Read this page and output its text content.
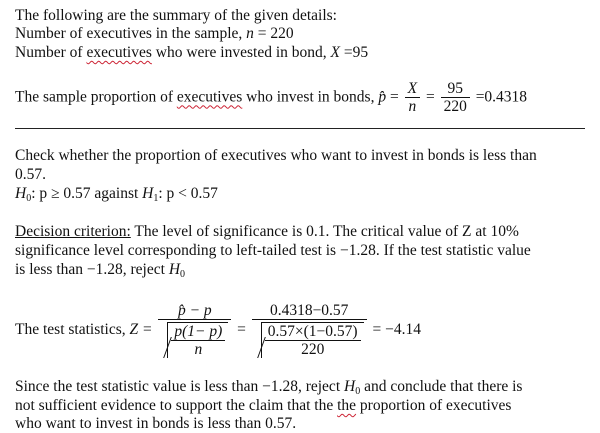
The following are the summary of the given details:
Number of executives in the sample, n = 220
Number of executives who were invested in bond, X =95
The sample proportion of executives who invest in bonds, p̂ = $\frac{X}{n} = \frac{95}{220} =0.4318$
Check whether the proportion of executives who want to invest in bonds is less than
0.57.
$H_0$: p ≥ 0.57 against $H_1$: p < 0.57
Decision criterion: The level of significance is 0.1. The critical value of Z at 10%
significance level corresponding to left-tailed test is −1.28. If the test statistic value
is less than −1.28, reject $H_0$
The test statistics, $Z = \frac{p̂ - p}{\frac{p(1- p)}{n}} = \frac{0.4318-0.57}{\frac{0.57\times(1-0.57)}{220}} = -4.14$
Since the test statistic value is less than −1.28, reject $H_0$ and conclude that there is
not sufficient evidence to support the claim that the the proportion of executives
who want to invest in bonds is less than 0.57.
